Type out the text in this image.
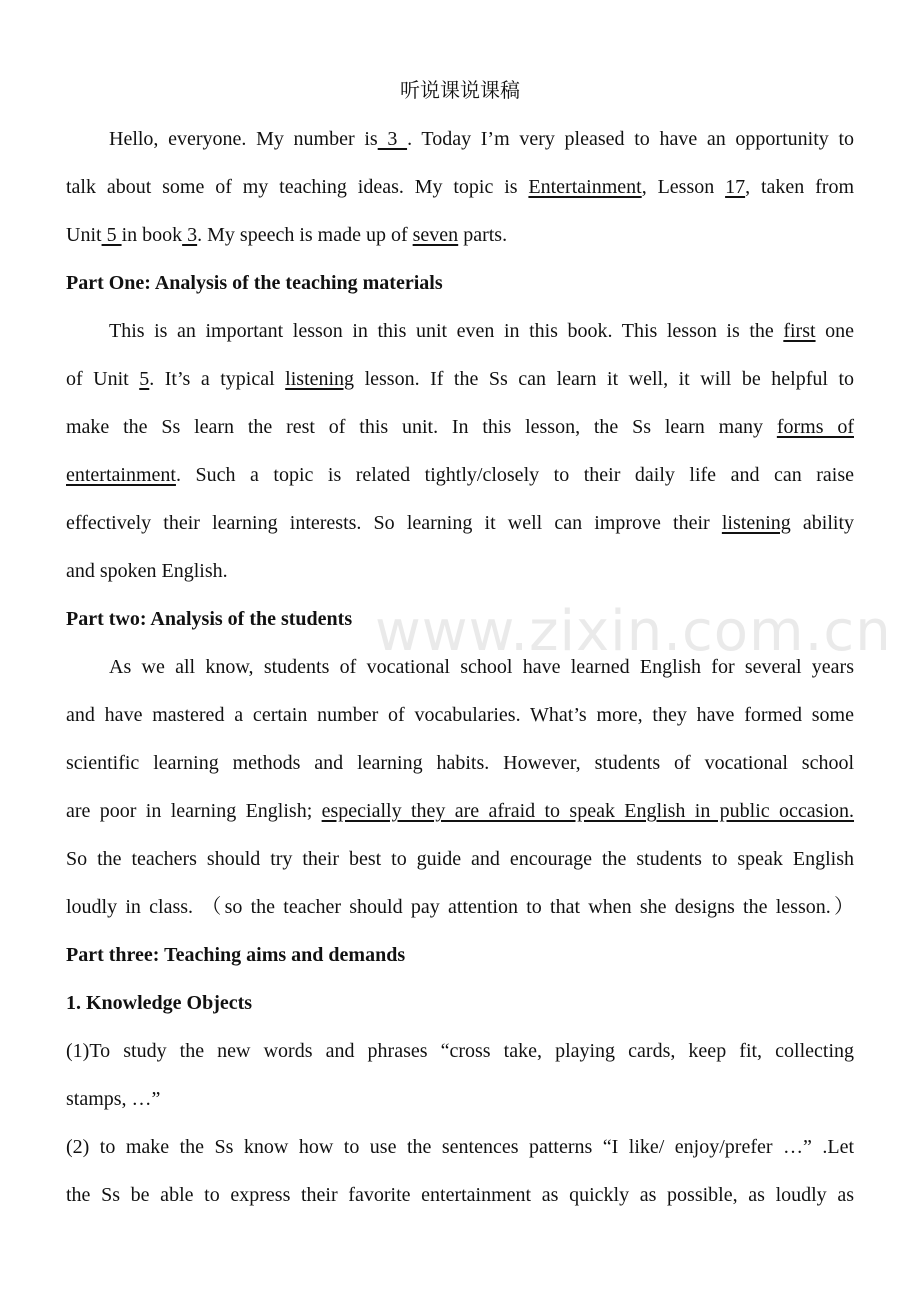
www.zixin.com.cn
听说课说课稿
Hello, everyone. My number is 3 . Today I’m very pleased to have an opportunity to
talk about some of my teaching ideas. My topic is Entertainment, Lesson 17, taken from
Unit 5 in book 3. My speech is made up of seven parts.
Part One: Analysis of the teaching materials
This is an important lesson in this unit even in this book. This lesson is the first one
of Unit 5. It’s a typical listening lesson. If the Ss can learn it well, it will be helpful to
make the Ss learn the rest of this unit. In this lesson, the Ss learn many forms of
entertainment. Such a topic is related tightly/closely to their daily life and can raise
effectively their learning interests. So learning it well can improve their listening ability
and spoken English.
Part two: Analysis of the students
As we all know, students of vocational school have learned English for several years
and have mastered a certain number of vocabularies. What’s more, they have formed some
scientific learning methods and learning habits. However, students of vocational school
are poor in learning English; especially they are afraid to speak English in public occasion.
So the teachers should try their best to guide and encourage the students to speak English
loudly in class. （so the teacher should pay attention to that when she designs the lesson.）
Part three: Teaching aims and demands
1. Knowledge Objects
(1)To study the new words and phrases “cross take, playing cards, keep fit, collecting
stamps, …”
(2) to make the Ss know how to use the sentences patterns “I like/ enjoy/prefer …” .Let
the Ss be able to express their favorite entertainment as quickly as possible, as loudly as
